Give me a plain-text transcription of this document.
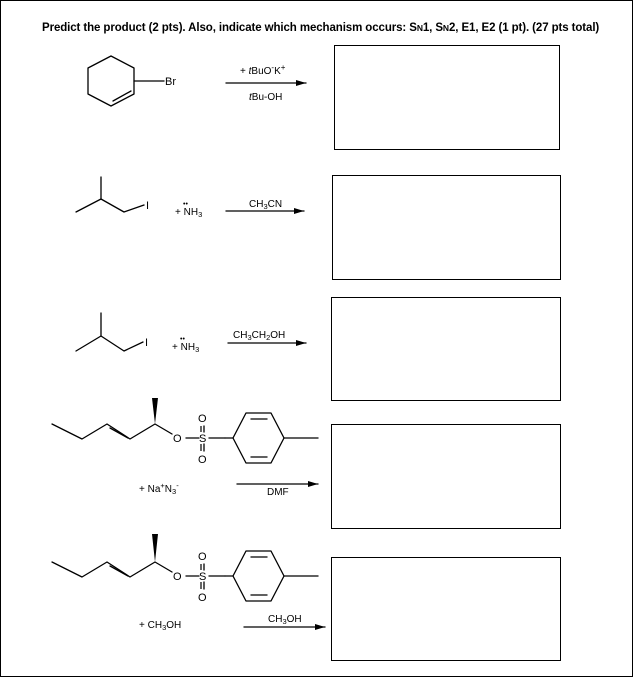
Predict the product (2 pts). Also, indicate which mechanism occurs: SN1, SN2, E1, E2 (1 pt). (27 pts total)
Br
I
I
O S
O
O
O S
O
O
+ tBuO-K+
tBu-OH
+ $NH_3$
••	$CH_3CN$
+ $NH_3$
••	$CH_3CH_2OH$
+ $Na^+N_3^-$
DMF
+ $CH_3OH$
$CH_3OH$
